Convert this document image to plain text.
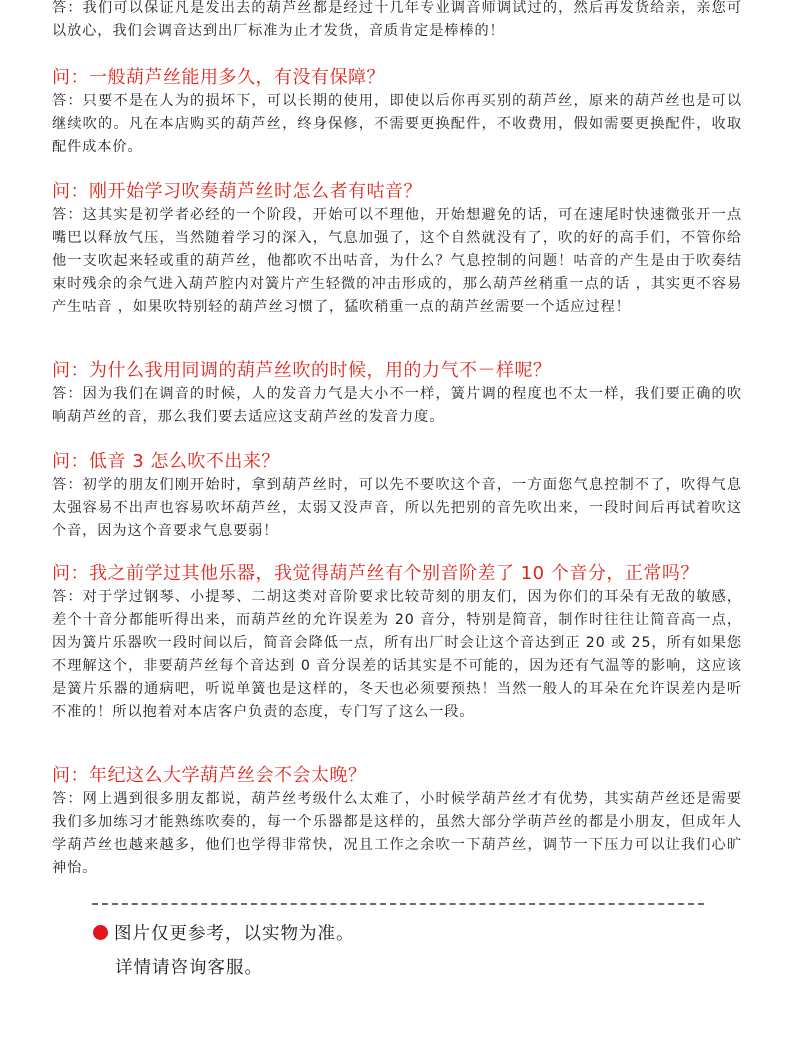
答：我们可以保证凡是发出去的葫芦丝都是经过十几年专业调音师调试过的，然后再发货给亲，亲您可以放心，我们会调音达到出厂标准为止才发货，音质肯定是棒棒的！

问：一般葫芦丝能用多久，有没有保障？

答：只要不是在人为的损坏下，可以长期的使用，即使以后你再买别的葫芦丝，原来的葫芦丝也是可以继续吹的。凡在本店购买的葫芦丝，终身保修，不需要更换配件，不收费用，假如需要更换配件，收取配件成本价。

问：刚开始学习吹奏葫芦丝时怎么者有咕音？

答：这其实是初学者必经的一个阶段，开始可以不理他，开始想避免的话，可在速尾时快速微张开一点嘴巴以释放气压，当然随着学习的深入，气息加强了，这个自然就没有了，吹的好的高手们，不管你给他一支吹起来轻或重的葫芦丝，他都吹不出咕音，为什么？气息控制的问题！咕音的产生是由于吹奏结束时残余的余气进入葫芦腔内对簧片产生轻微的冲击形成的，那么葫芦丝稍重一点的话 ，其实更不容易产生咕音 ，如果吹特别轻的葫芦丝习惯了，猛吹稍重一点的葫芦丝需要一个适应过程！

问：为什么我用同调的葫芦丝吹的时候，用的力气不－样呢？

答：因为我们在调音的时候，人的发音力气是大小不一样，簧片调的程度也不太一样，我们要正确的吹响葫芦丝的音，那么我们要去适应这支葫芦丝的发音力度。

问：低音 3 怎么吹不出来？

答：初学的朋友们刚开始时，拿到葫芦丝时，可以先不要吹这个音，一方面您气息控制不了，吹得气息太强容易不出声也容易吹坏葫芦丝，太弱又没声音，所以先把别的音先吹出来，一段时间后再试着吹这个音，因为这个音要求气息要弱！

问：我之前学过其他乐器，我觉得葫芦丝有个别音阶差了 10 个音分，正常吗？

答：对于学过钢琴、小提琴、二胡这类对音阶要求比较苛刻的朋友们，因为你们的耳朵有无敌的敏感，差个十音分都能听得出来，而葫芦丝的允许误差为 20 音分，特别是简音，制作时往往让简音高一点，因为簧片乐器吹一段时间以后，简音会降低一点，所有出厂时会让这个音达到正 20 或 25，所有如果您不理解这个，非要葫芦丝每个音达到 0 音分误差的话其实是不可能的，因为还有气温等的影响，这应该是簧片乐器的通病吧，听说单簧也是这样的，冬天也必须要预热！当然一般人的耳朵在允许误差内是听不准的！所以抱着对本店客户负责的态度，专门写了这么一段。

问：年纪这么大学葫芦丝会不会太晚？

答：网上遇到很多朋友都说，葫芦丝考级什么太难了，小时候学葫芦丝才有优势，其实葫芦丝还是需要我们多加练习才能熟练吹奏的，每一个乐器都是这样的，虽然大部分学萌芦丝的都是小朋友，但成年人学葫芦丝也越来越多，他们也学得非常快，况且工作之余吹一下葫芦丝，调节一下压力可以让我们心旷神怡。

图片仅更参考，以实物为准。
详情请咨询客服。
